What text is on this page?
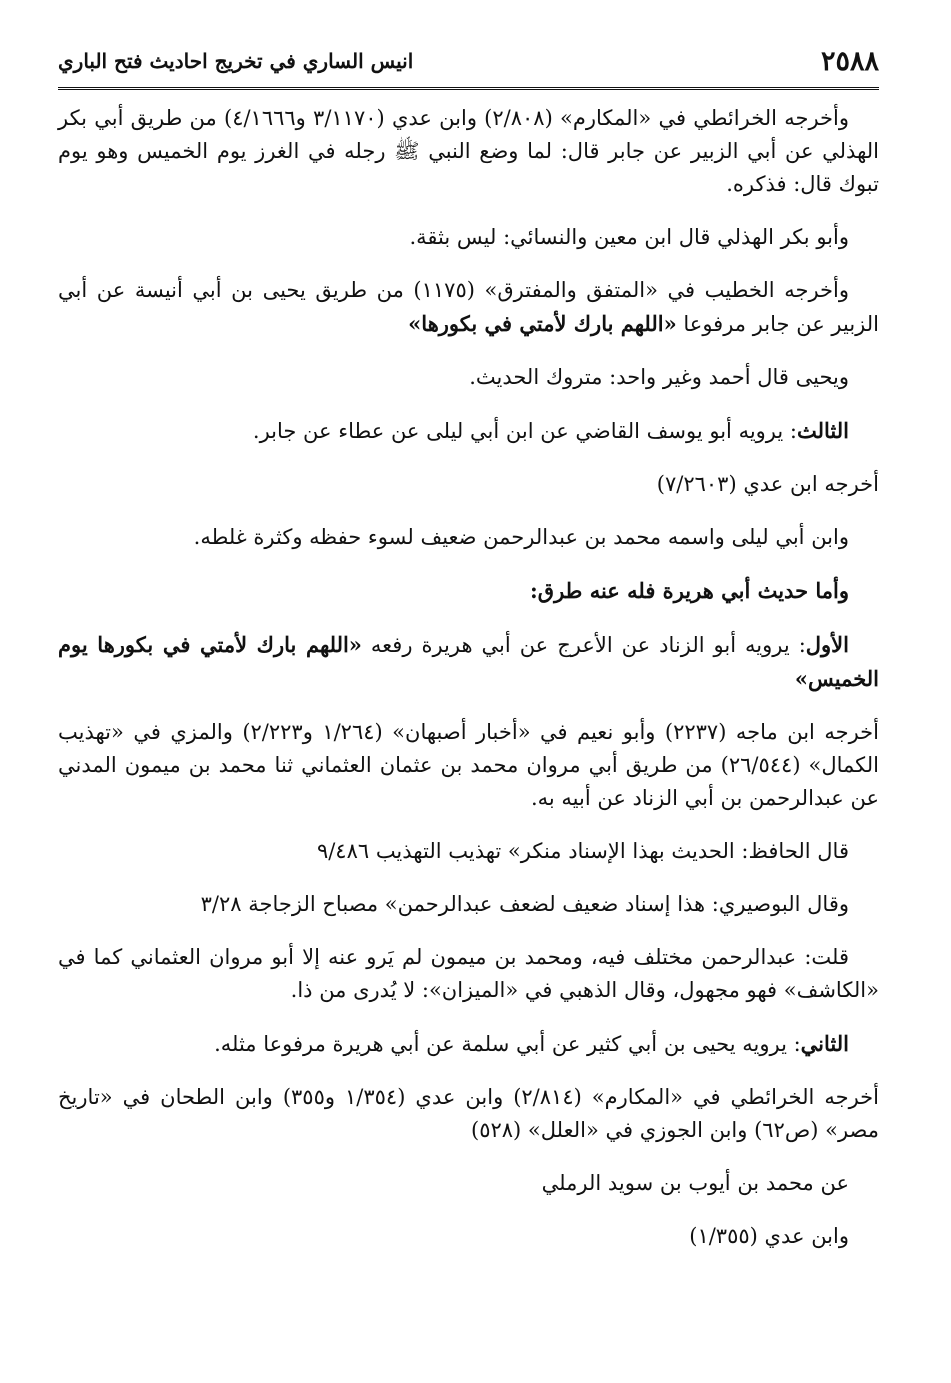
٢٥٨٨
انيس الساري في تخريج احاديث فتح الباري

وأخرجه الخرائطي في «المكارم» (٢/٨٠٨) وابن عدي (٣/١١٧٠ و٤/١٦٦٦) من طريق أبي بكر الهذلي عن أبي الزبير عن جابر قال: لما وضع النبي ﷺ رجله في الغرز يوم الخميس وهو يوم تبوك قال: فذكره.

وأبو بكر الهذلي قال ابن معين والنسائي: ليس بثقة.

وأخرجه الخطيب في «المتفق والمفترق» (١١٧٥) من طريق يحيى بن أبي أنيسة عن أبي الزبير عن جابر مرفوعا «اللهم بارك لأمتي في بكورها»

ويحيى قال أحمد وغير واحد: متروك الحديث.

الثالث: يرويه أبو يوسف القاضي عن ابن أبي ليلى عن عطاء عن جابر.

أخرجه ابن عدي (٧/٢٦٠٣)

وابن أبي ليلى واسمه محمد بن عبدالرحمن ضعيف لسوء حفظه وكثرة غلطه.

وأما حديث أبي هريرة فله عنه طرق:

الأول: يرويه أبو الزناد عن الأعرج عن أبي هريرة رفعه «اللهم بارك لأمتي في بكورها يوم الخميس»

أخرجه ابن ماجه (٢٢٣٧) وأبو نعيم في «أخبار أصبهان» (١/٢٦٤ و٢/٢٢٣) والمزي في «تهذيب الكمال» (٢٦/٥٤٤) من طريق أبي مروان محمد بن عثمان العثماني ثنا محمد بن ميمون المدني عن عبدالرحمن بن أبي الزناد عن أبيه به.

قال الحافظ: الحديث بهذا الإسناد منكر» تهذيب التهذيب ٩/٤٨٦

وقال البوصيري: هذا إسناد ضعيف لضعف عبدالرحمن» مصباح الزجاجة ٣/٢٨

قلت: عبدالرحمن مختلف فيه، ومحمد بن ميمون لم يَرو عنه إلا أبو مروان العثماني كما في «الكاشف» فهو مجهول، وقال الذهبي في «الميزان»: لا يُدرى من ذا.

الثاني: يرويه يحيى بن أبي كثير عن أبي سلمة عن أبي هريرة مرفوعا مثله.

أخرجه الخرائطي في «المكارم» (٢/٨١٤) وابن عدي (١/٣٥٤ و٣٥٥) وابن الطحان في «تاريخ مصر» (ص٦٢) وابن الجوزي في «العلل» (٥٢٨)

عن محمد بن أيوب بن سويد الرملي

وابن عدي (١/٣٥٥)
